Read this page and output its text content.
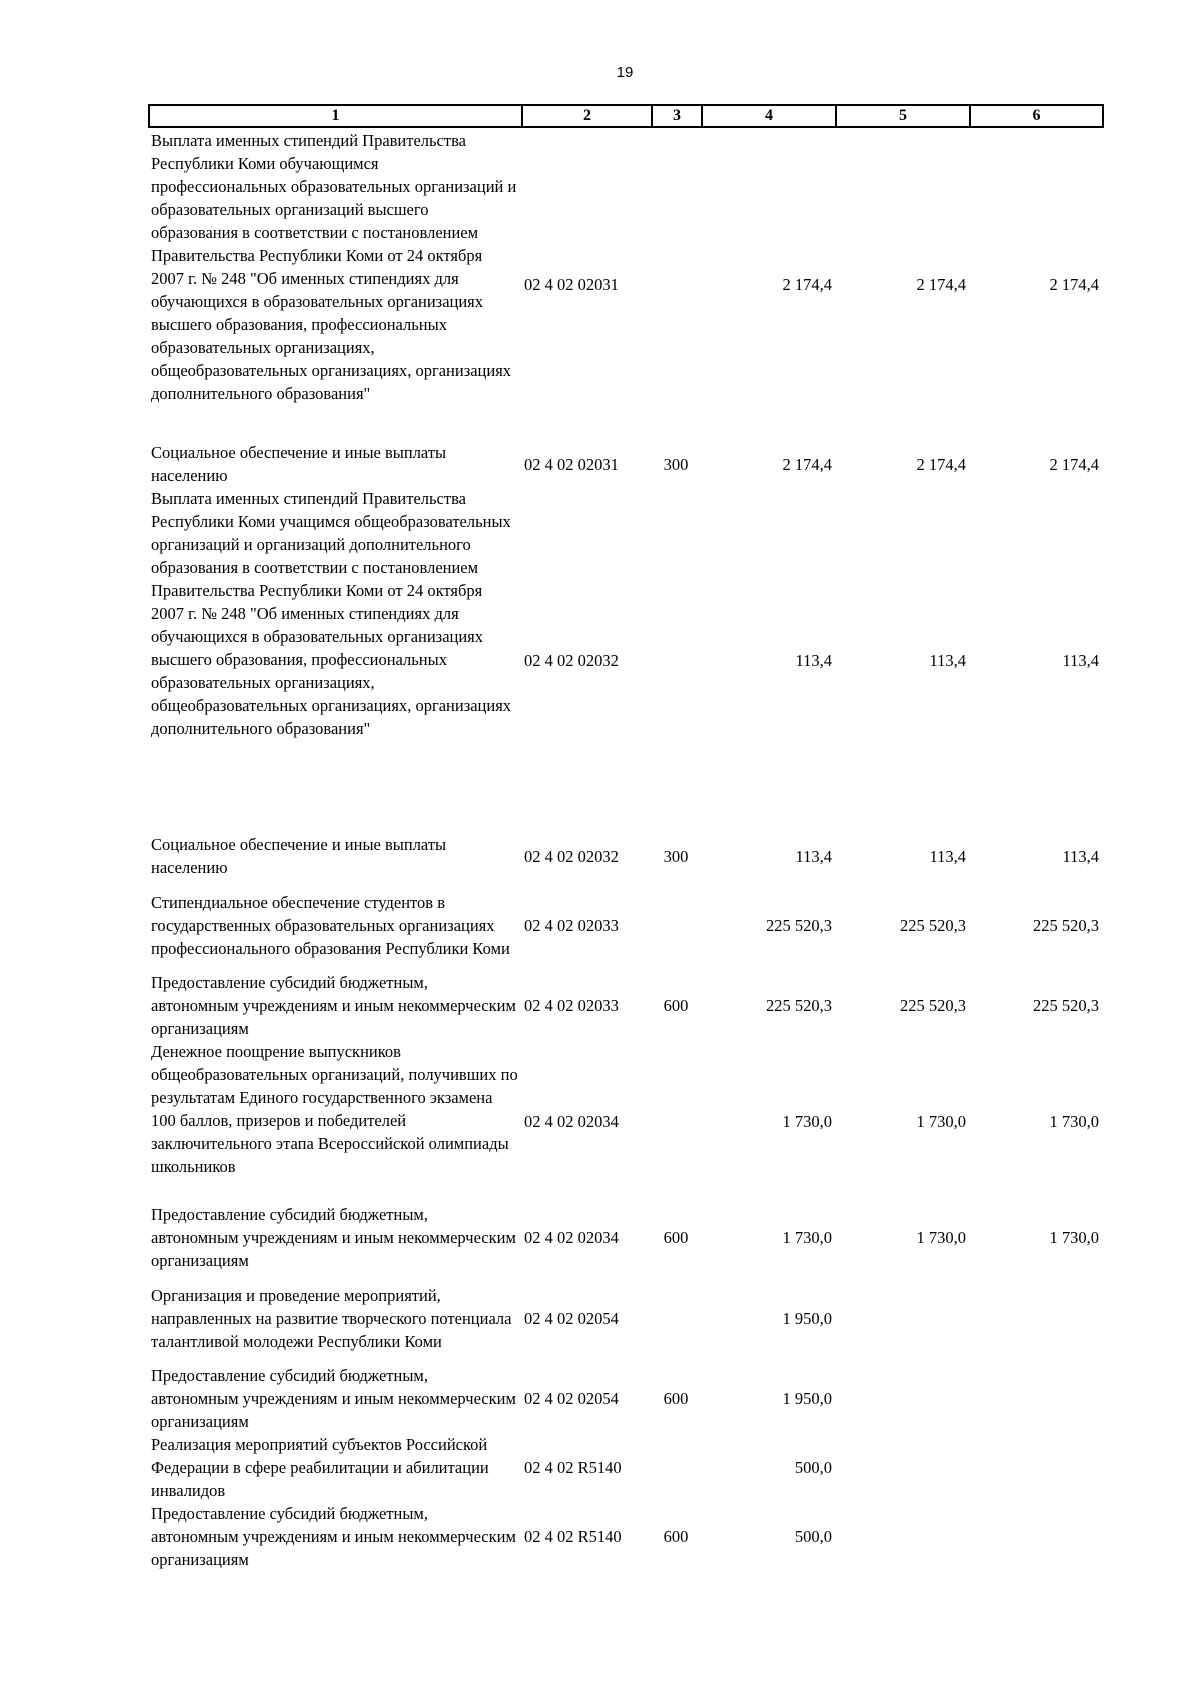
19
1	2	3	4	5	6
Выплата именных стипендий Правительства Республики Коми обучающимся профессиональных образовательных организаций и образовательных организаций высшего образования в соответствии с постановлением Правительства Республики Коми от 24 октября 2007 г. № 248 "Об именных стипендиях для обучающихся в образовательных организациях высшего образования, профессиональных образовательных организациях, общеобразовательных организациях, организациях дополнительного образования"	02 4 02 02031		2 174,4	2 174,4	2 174,4
Социальное обеспечение и иные выплаты населению	02 4 02 02031	300	2 174,4	2 174,4	2 174,4
Выплата именных стипендий Правительства Республики Коми учащимся общеобразовательных организаций и организаций дополнительного образования в соответствии с постановлением Правительства Республики Коми от 24 октября 2007 г. № 248 "Об именных стипендиях для обучающихся в образовательных организациях высшего образования, профессиональных образовательных организациях, общеобразовательных организациях, организациях дополнительного образования"	02 4 02 02032		113,4	113,4	113,4
Социальное обеспечение и иные выплаты населению	02 4 02 02032	300	113,4	113,4	113,4
Стипендиальное обеспечение студентов в государственных образовательных организациях профессионального образования Республики Коми	02 4 02 02033		225 520,3	225 520,3	225 520,3
Предоставление субсидий бюджетным, автономным учреждениям и иным некоммерческим организациям	02 4 02 02033	600	225 520,3	225 520,3	225 520,3
Денежное поощрение выпускников общеобразовательных организаций, получивших по результатам Единого государственного экзамена 100 баллов, призеров и победителей заключительного этапа Всероссийской олимпиады школьников	02 4 02 02034		1 730,0	1 730,0	1 730,0
Предоставление субсидий бюджетным, автономным учреждениям и иным некоммерческим организациям	02 4 02 02034	600	1 730,0	1 730,0	1 730,0
Организация и проведение мероприятий, направленных на развитие творческого потенциала талантливой молодежи Республики Коми	02 4 02 02054		1 950,0		
Предоставление субсидий бюджетным, автономным учреждениям и иным некоммерческим организациям	02 4 02 02054	600	1 950,0		
Реализация мероприятий субъектов Российской Федерации в сфере реабилитации и абилитации инвалидов	02 4 02 R5140		500,0		
Предоставление субсидий бюджетным, автономным учреждениям и иным некоммерческим организациям	02 4 02 R5140	600	500,0		
